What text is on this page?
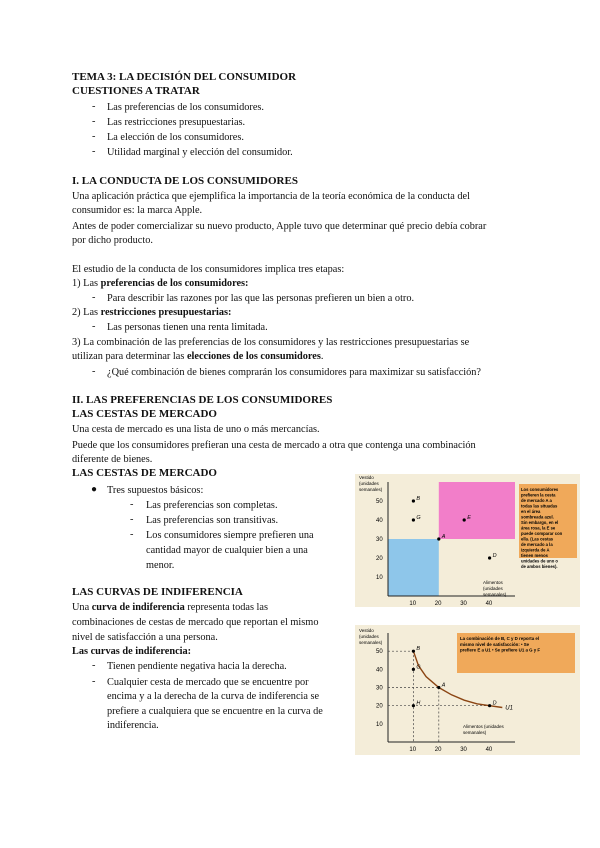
TEMA 3: LA DECISIÓN DEL CONSUMIDOR
CUESTIONES A TRATAR
- Las preferencias de los consumidores.
- Las restricciones presupuestarias.
- La elección de los consumidores.
- Utilidad marginal y elección del consumidor.
I. LA CONDUCTA DE LOS CONSUMIDORES
Una aplicación práctica que ejemplifica la importancia de la teoría económica de la conducta del
consumidor es: la marca Apple.
Antes de poder comercializar su nuevo producto, Apple tuvo que determinar qué precio debía cobrar
por dicho producto.
El estudio de la conducta de los consumidores implica tres etapas:
1) Las preferencias de los consumidores:
- Para describir las razones por las que las personas prefieren un bien a otro.
2) Las restricciones presupuestarias:
- Las personas tienen una renta limitada.
3) La combinación de las preferencias de los consumidores y las restricciones presupuestarias se
utilizan para determinar las elecciones de los consumidores.
- ¿Qué combinación de bienes comprarán los consumidores para maximizar su satisfacción?
II. LAS PREFERENCIAS DE LOS CONSUMIDORES
LAS CESTAS DE MERCADO
Una cesta de mercado es una lista de uno o más mercancías.
Puede que los consumidores prefieran una cesta de mercado a otra que contenga una combinación
diferente de bienes.
LAS CESTAS DE MERCADO
● Tres supuestos básicos:
- Las preferencias son completas.
- Las preferencias son transitivas.
- Los consumidores siempre prefieren una
cantidad mayor de cualquier bien a una
menor.
LAS CURVAS DE INDIFERENCIA
Una curva de indiferencia representa todas las
combinaciones de cestas de mercado que reportan el mismo
nivel de satisfacción a una persona.
Las curvas de indiferencia:
- Tienen pendiente negativa hacia la derecha.
- Cualquier cesta de mercado que se encuentre por
encima y a la derecha de la curva de indiferencia se
prefiere a cualquiera que se encuentre en la curva de
indiferencia.
10	20	30	40
10
20
30
40
50
Vestido
(unidades
semanales)
Alimentos
(unidades
semanales)
A
B
D
E
G
Los consumidores
prefieren la cesta
de mercado A a
todas las situadas
en el área
sombreada azul.
Sin embargo, en el
área rosa, la E se
puede comparar con
ella. (Las cestas
de mercado a la
izquierda de A
tienen menos
unidades de uno o
de ambos bienes).
10	20	30	40
10
20
30
40
50
Vestido
(unidades
semanales)
Alimentos (unidades
semanales)
U1
B
G
A
D
H
La combinación de B, C y D reporta el
mismo nivel de satisfacción: • Se
prefiere E a U1 • Se prefiere U1 a G y F
